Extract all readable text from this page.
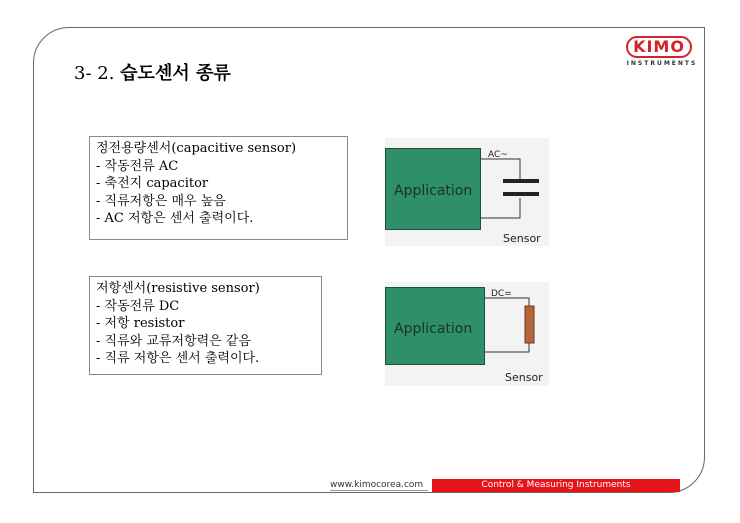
KIMO
INSTRUMENTS
3- 2. 습도센서 종류
정전용량센서(capacitive sensor)
- 작동전류 AC
- 축전지 capacitor
- 직류저항은 매우 높음
- AC 저항은 센서 출력이다.
Application
AC~
Sensor
저항센서(resistive sensor)
- 작동전류 DC
- 저항 resistor
- 직류와 교류저항력은 같음
- 직류 저항은 센서 출력이다.
Application
DC=
Sensor
www.kimocorea.com	Control & Measuring Instruments
